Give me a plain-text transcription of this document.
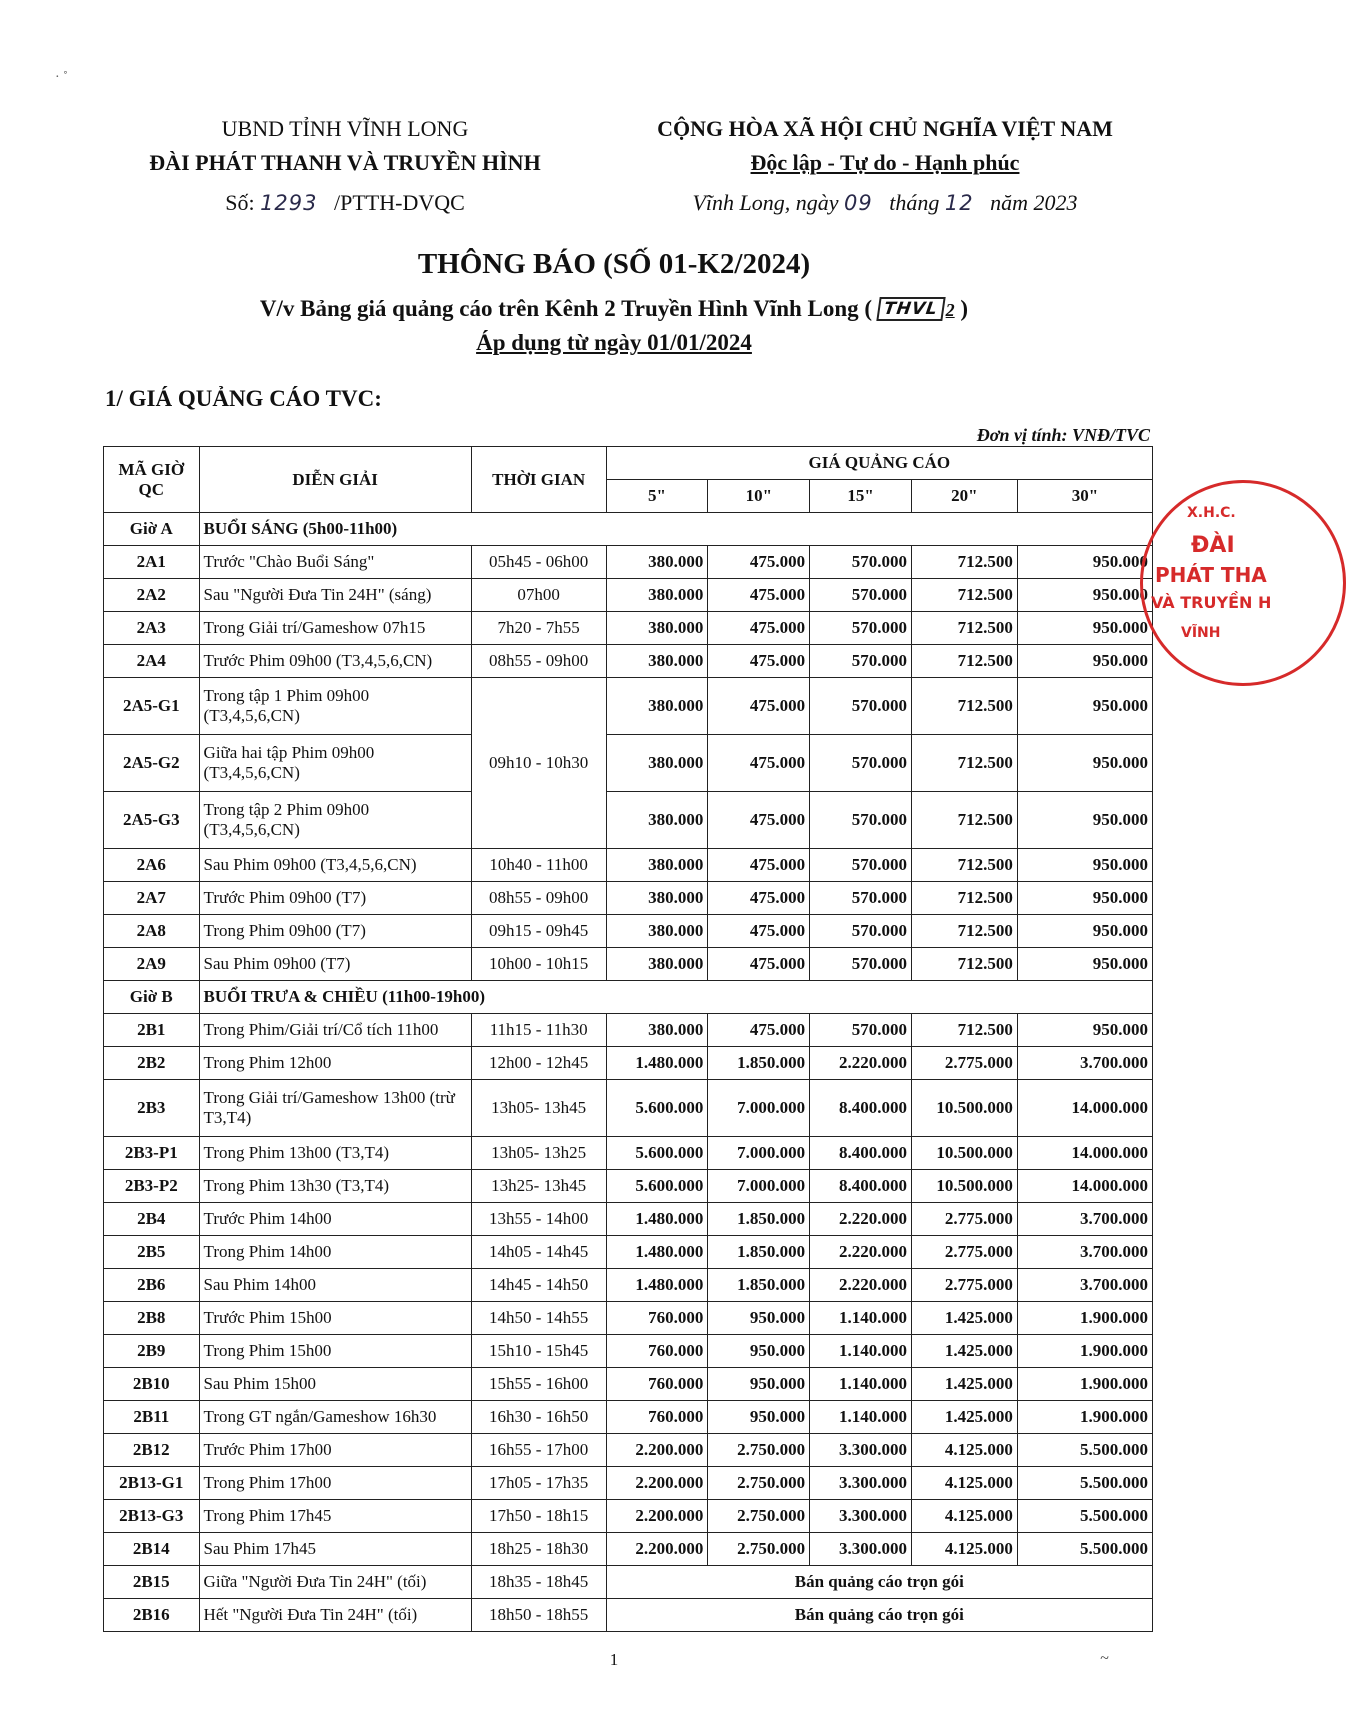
· ˚
UBND TỈNH VĨNH LONG
ĐÀI PHÁT THANH VÀ TRUYỀN HÌNH
Số: 1293 /PTTH-DVQC
CỘNG HÒA XÃ HỘI CHỦ NGHĨA VIỆT NAM
Độc lập - Tự do - Hạnh phúc
Vĩnh Long, ngày 09 tháng 12 năm 2023
THÔNG BÁO (SỐ 01-K2/2024)
V/v Bảng giá quảng cáo trên Kênh 2 Truyền Hình Vĩnh Long ( THVL 2 )
Áp dụng từ ngày 01/01/2024
1/ GIÁ QUẢNG CÁO TVC:
Đơn vị tính: VNĐ/TVC
MÃ GIỜ QC	DIỄN GIẢI	THỜI GIAN	GIÁ QUẢNG CÁO				
			5"	10"	15"	20"	30"
Giờ A	BUỔI SÁNG (5h00-11h00)						
2A1	Trước "Chào Buổi Sáng"	05h45 - 06h00	380.000	475.000	570.000	712.500	950.000
2A2	Sau "Người Đưa Tin 24H" (sáng)	07h00	380.000	475.000	570.000	712.500	950.000
2A3	Trong Giải trí/Gameshow 07h15	7h20 - 7h55	380.000	475.000	570.000	712.500	950.000
2A4	Trước Phim 09h00 (T3,4,5,6,CN)	08h55 - 09h00	380.000	475.000	570.000	712.500	950.000
2A5-G1	Trong tập 1 Phim 09h00 (T3,4,5,6,CN)	09h10 - 10h30	380.000	475.000	570.000	712.500	950.000
2A5-G2	Giữa hai tập Phim 09h00 (T3,4,5,6,CN)		380.000	475.000	570.000	712.500	950.000
2A5-G3	Trong tập 2 Phim 09h00 (T3,4,5,6,CN)		380.000	475.000	570.000	712.500	950.000
2A6	Sau Phim 09h00 (T3,4,5,6,CN)	10h40 - 11h00	380.000	475.000	570.000	712.500	950.000
2A7	Trước Phim 09h00 (T7)	08h55 - 09h00	380.000	475.000	570.000	712.500	950.000
2A8	Trong Phim 09h00 (T7)	09h15 - 09h45	380.000	475.000	570.000	712.500	950.000
2A9	Sau Phim 09h00 (T7)	10h00 - 10h15	380.000	475.000	570.000	712.500	950.000
Giờ B	BUỔI TRƯA & CHIỀU (11h00-19h00)						
2B1	Trong Phim/Giải trí/Cổ tích 11h00	11h15 - 11h30	380.000	475.000	570.000	712.500	950.000
2B2	Trong Phim 12h00	12h00 - 12h45	1.480.000	1.850.000	2.220.000	2.775.000	3.700.000
2B3	Trong Giải trí/Gameshow 13h00 (trừ T3,T4)	13h05- 13h45	5.600.000	7.000.000	8.400.000	10.500.000	14.000.000
2B3-P1	Trong Phim 13h00 (T3,T4)	13h05- 13h25	5.600.000	7.000.000	8.400.000	10.500.000	14.000.000
2B3-P2	Trong Phim 13h30 (T3,T4)	13h25- 13h45	5.600.000	7.000.000	8.400.000	10.500.000	14.000.000
2B4	Trước Phim 14h00	13h55 - 14h00	1.480.000	1.850.000	2.220.000	2.775.000	3.700.000
2B5	Trong Phim 14h00	14h05 - 14h45	1.480.000	1.850.000	2.220.000	2.775.000	3.700.000
2B6	Sau Phim 14h00	14h45 - 14h50	1.480.000	1.850.000	2.220.000	2.775.000	3.700.000
2B8	Trước Phim 15h00	14h50 - 14h55	760.000	950.000	1.140.000	1.425.000	1.900.000
2B9	Trong Phim 15h00	15h10 - 15h45	760.000	950.000	1.140.000	1.425.000	1.900.000
2B10	Sau Phim 15h00	15h55 - 16h00	760.000	950.000	1.140.000	1.425.000	1.900.000
2B11	Trong GT ngắn/Gameshow 16h30	16h30 - 16h50	760.000	950.000	1.140.000	1.425.000	1.900.000
2B12	Trước Phim 17h00	16h55 - 17h00	2.200.000	2.750.000	3.300.000	4.125.000	5.500.000
2B13-G1	Trong Phim 17h00	17h05 - 17h35	2.200.000	2.750.000	3.300.000	4.125.000	5.500.000
2B13-G3	Trong Phim 17h45	17h50 - 18h15	2.200.000	2.750.000	3.300.000	4.125.000	5.500.000
2B14	Sau Phim 17h45	18h25 - 18h30	2.200.000	2.750.000	3.300.000	4.125.000	5.500.000
2B15	Giữa "Người Đưa Tin 24H" (tối)	18h35 - 18h45	Bán quảng cáo trọn gói				
2B16	Hết "Người Đưa Tin 24H" (tối)	18h50 - 18h55	Bán quảng cáo trọn gói				
X.H.C.
ĐÀI
PHÁT THA
VÀ TRUYỀN H
VĨNH
1	~
